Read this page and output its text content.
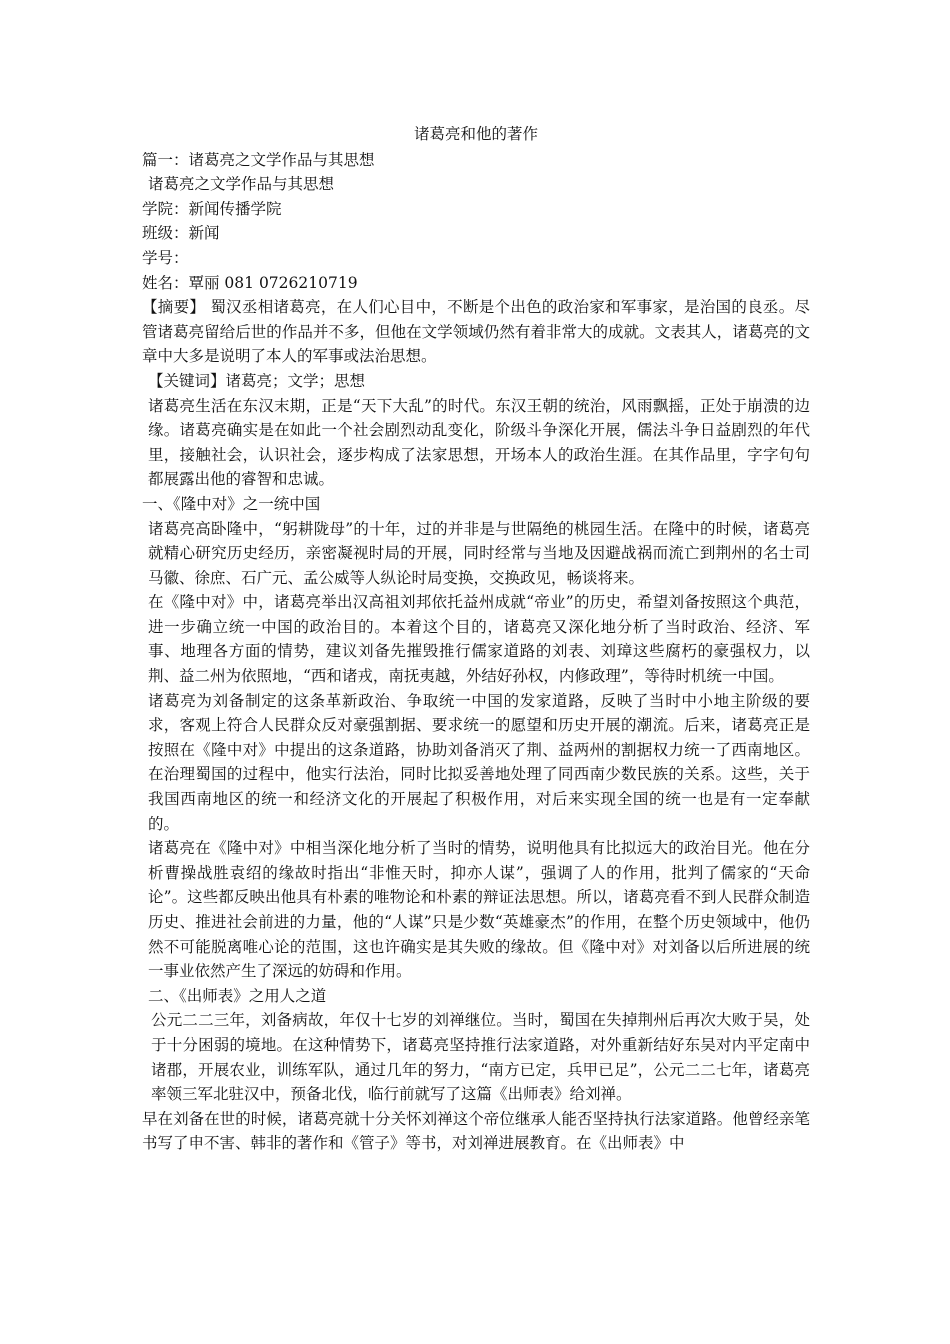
诸葛亮和他的著作
篇一：诸葛亮之文学作品与其思想
诸葛亮之文学作品与其思想
学院：新闻传播学院
班级：新闻
学号：
姓名：覃丽 081 0726210719

【摘要】 蜀汉丞相诸葛亮，在人们心目中，不断是个出色的政治家和军事家，是治国的良丞。尽管诸葛亮留给后世的作品并不多，但他在文学领域仍然有着非常大的成就。文表其人，诸葛亮的文章中大多是说明了本人的军事或法治思想。

【关键词】诸葛亮；文学；思想

诸葛亮生活在东汉末期，正是“天下大乱”的时代。东汉王朝的统治，风雨飘摇，正处于崩溃的边缘。诸葛亮确实是在如此一个社会剧烈动乱变化，阶级斗争深化开展，儒法斗争日益剧烈的年代里，接触社会，认识社会，逐步构成了法家思想，开场本人的政治生涯。在其作品里，字字句句都展露出他的睿智和忠诚。

一、《隆中对》之一统中国

诸葛亮高卧隆中，“躬耕陇母”的十年，过的并非是与世隔绝的桃园生活。在隆中的时候，诸葛亮就精心研究历史经历，亲密凝视时局的开展，同时经常与当地及因避战祸而流亡到荆州的名士司马徽、徐庶、石广元、孟公威等人纵论时局变换，交换政见，畅谈将来。

在《隆中对》中，诸葛亮举出汉高祖刘邦依托益州成就“帝业”的历史，希望刘备按照这个典范，进一步确立统一中国的政治目的。本着这个目的，诸葛亮又深化地分析了当时政治、经济、军事、地理各方面的情势，建议刘备先摧毁推行儒家道路的刘表、刘璋这些腐朽的豪强权力，以荆、益二州为依照地，“西和诸戎，南抚夷越，外结好孙权，内修政理”，等待时机统一中国。

诸葛亮为刘备制定的这条革新政治、争取统一中国的发家道路，反映了当时中小地主阶级的要求，客观上符合人民群众反对豪强割据、要求统一的愿望和历史开展的潮流。后来，诸葛亮正是按照在《隆中对》中提出的这条道路，协助刘备消灭了荆、益两州的割据权力统一了西南地区。在治理蜀国的过程中，他实行法治，同时比拟妥善地处理了同西南少数民族的关系。这些，关于我国西南地区的统一和经济文化的开展起了积极作用，对后来实现全国的统一也是有一定奉献的。

诸葛亮在《隆中对》中相当深化地分析了当时的情势，说明他具有比拟远大的政治目光。他在分析曹操战胜袁绍的缘故时指出“非惟天时，抑亦人谋”，强调了人的作用，批判了儒家的“天命论”。这些都反映出他具有朴素的唯物论和朴素的辩证法思想。所以，诸葛亮看不到人民群众制造历史、推进社会前进的力量，他的“人谋”只是少数“英雄豪杰”的作用，在整个历史领域中，他仍然不可能脱离唯心论的范围，这也许确实是其失败的缘故。但《隆中对》对刘备以后所进展的统一事业依然产生了深远的妨碍和作用。

二、《出师表》之用人之道

公元二二三年，刘备病故，年仅十七岁的刘禅继位。当时，蜀国在失掉荆州后再次大败于吴，处于十分困弱的境地。在这种情势下，诸葛亮坚持推行法家道路，对外重新结好东吴对内平定南中诸郡，开展农业，训练军队，通过几年的努力，“南方已定，兵甲已足”，公元二二七年，诸葛亮率领三军北驻汉中，预备北伐，临行前就写了这篇《出师表》给刘禅。

早在刘备在世的时候，诸葛亮就十分关怀刘禅这个帝位继承人能否坚持执行法家道路。他曾经亲笔书写了申不害、韩非的著作和《管子》等书，对刘禅进展教育。在《出师表》中
